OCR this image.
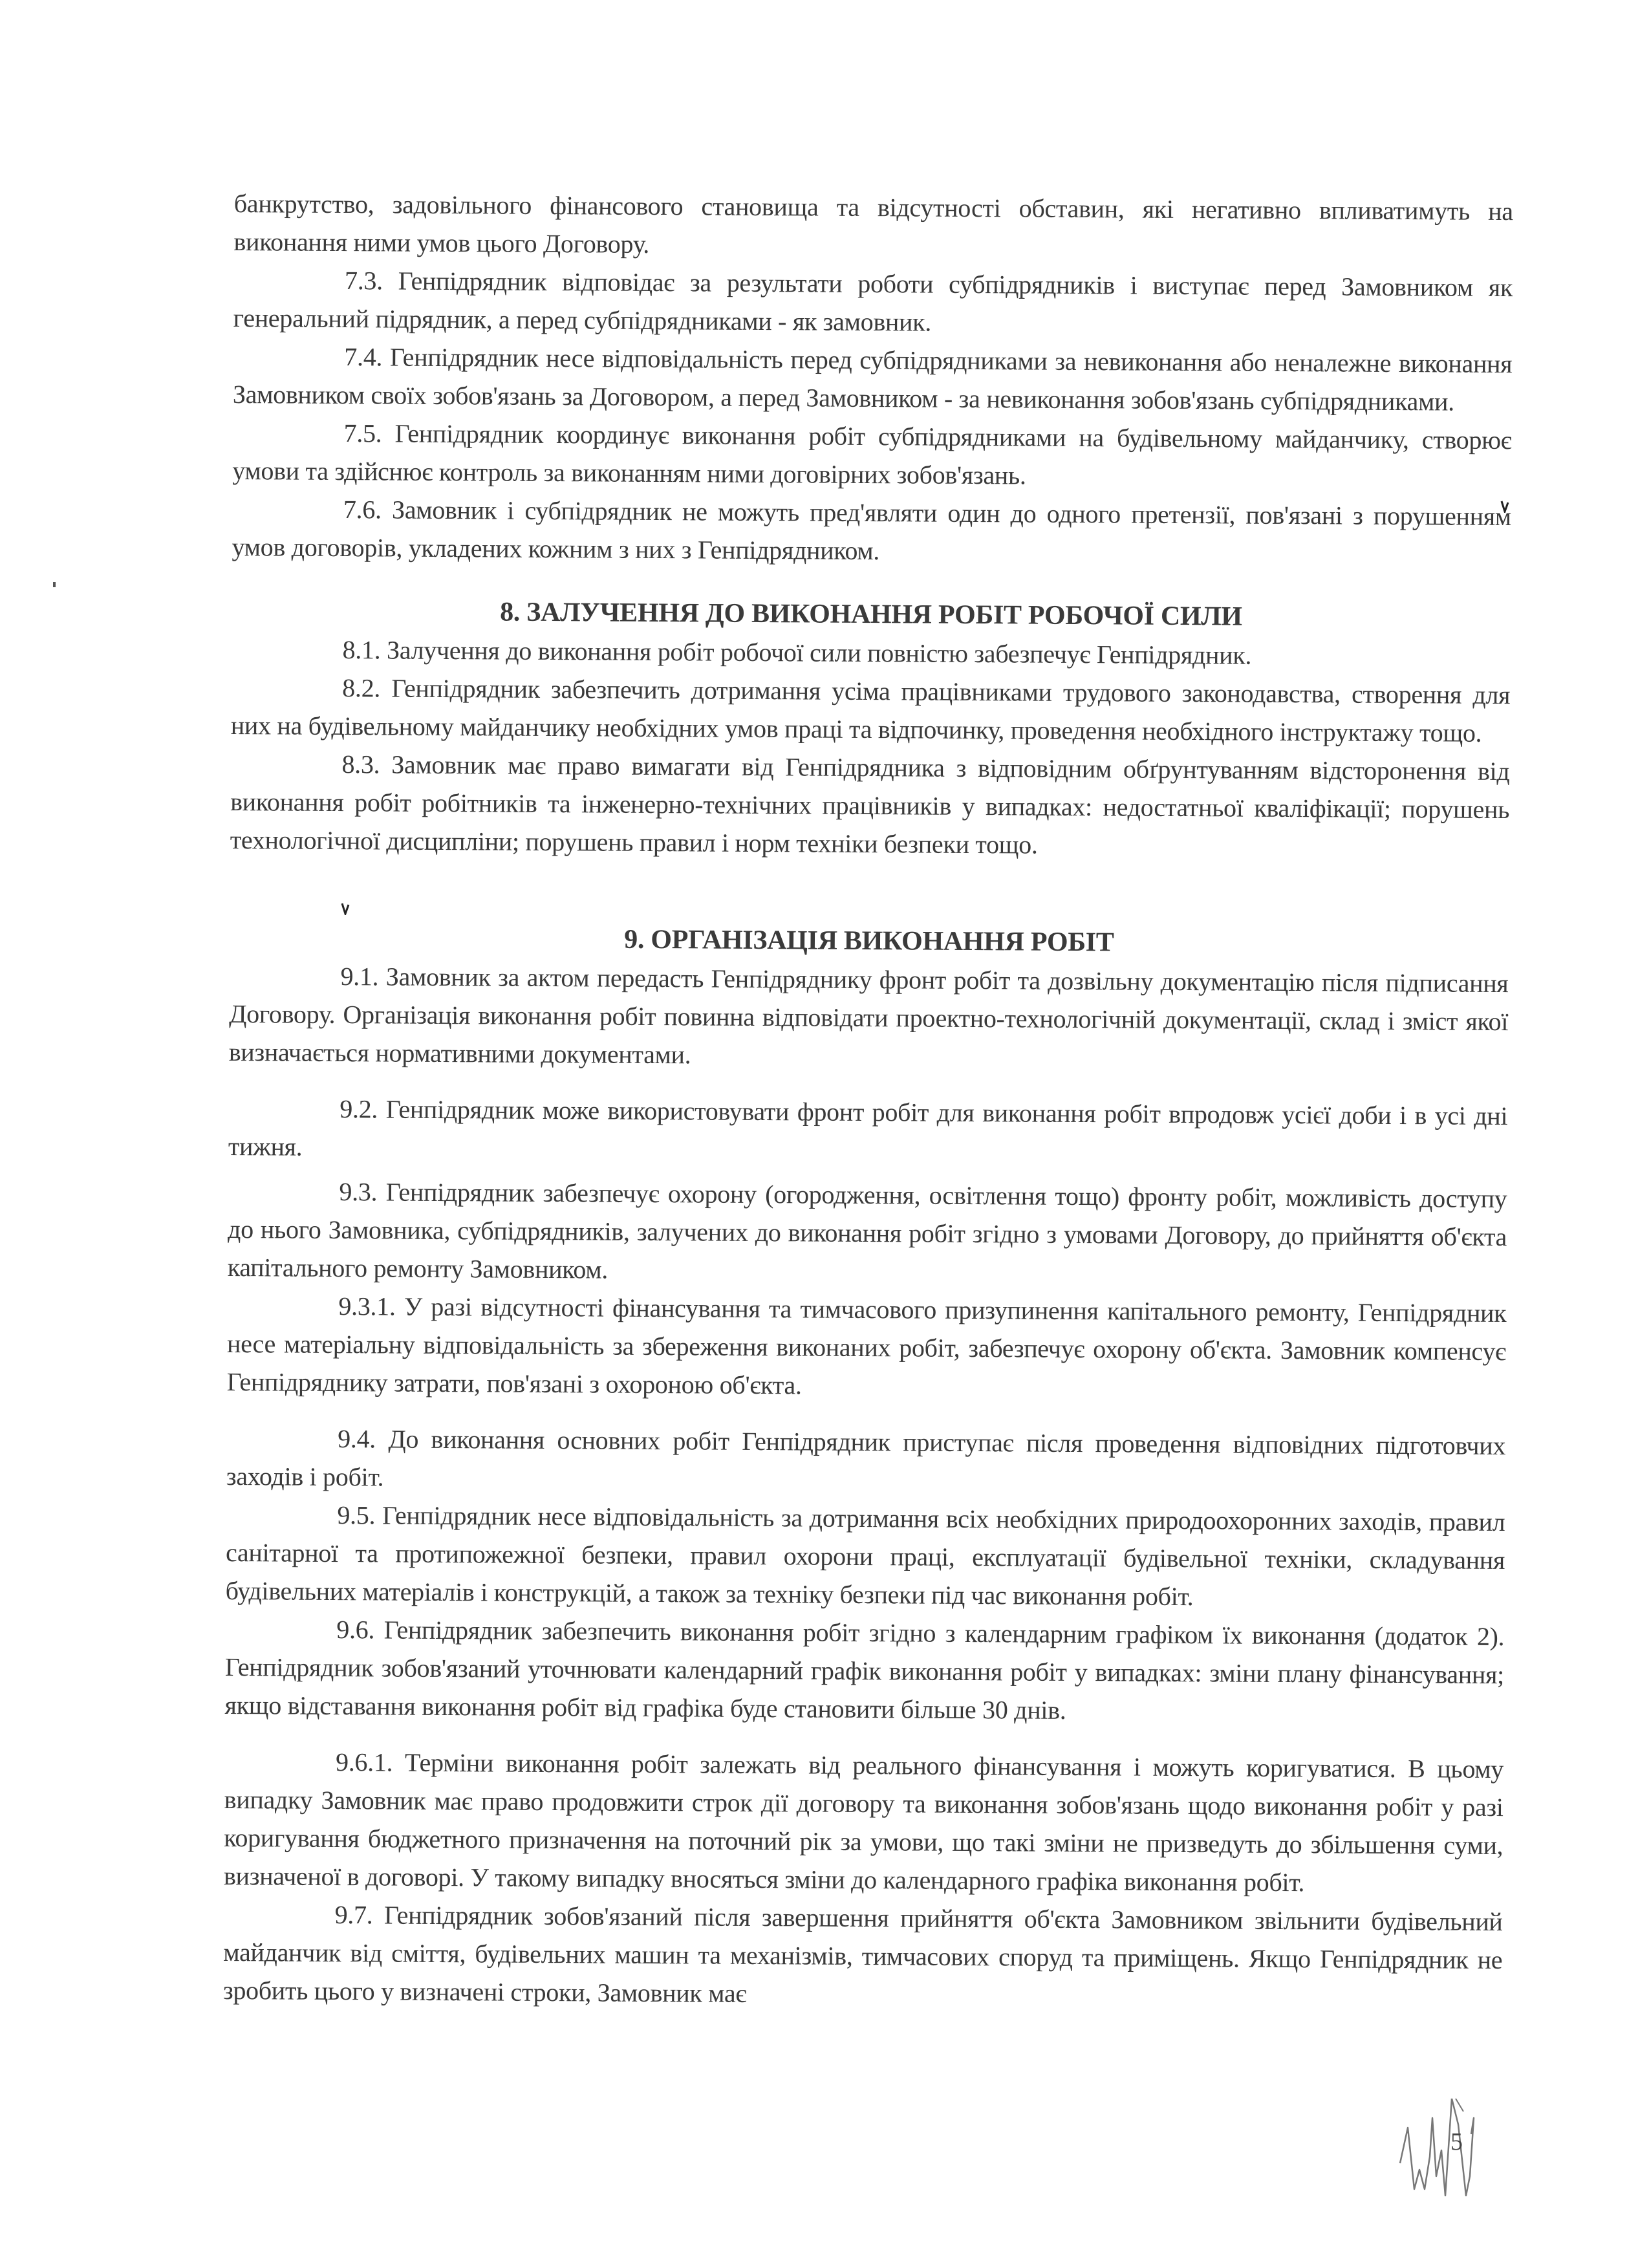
банкрутство, задовільного фінансового становища та відсутності обставин, які негативно впливатимуть на виконання ними умов цього Договору.

7.3. Генпідрядник відповідає за результати роботи субпідрядників і виступає перед Замовником як генеральний підрядник, а перед субпідрядниками - як замовник.

7.4. Генпідрядник несе відповідальність перед субпідрядниками за невиконання або неналежне виконання Замовником своїх зобов'язань за Договором, а перед Замовником - за невиконання зобов'язань субпідрядниками.

7.5. Генпідрядник координує виконання робіт субпідрядниками на будівельному майданчику, створює умови та здійснює контроль за виконанням ними договірних зобов'язань.

7.6. Замовник і субпідрядник не можуть пред'являти один до одного претензії, пов'язані з порушенням умов договорів, укладених кожним з них з Генпідрядником.

8. ЗАЛУЧЕННЯ ДО ВИКОНАННЯ РОБІТ РОБОЧОЇ СИЛИ

8.1. Залучення до виконання робіт робочої сили повністю забезпечує Генпідрядник.

8.2. Генпідрядник забезпечить дотримання усіма працівниками трудового законодавства, створення для них на будівельному майданчику необхідних умов праці та відпочинку, проведення необхідного інструктажу тощо.

8.3. Замовник має право вимагати від Генпідрядника з відповідним обґрунтуванням відсторонення від виконання робіт робітників та інженерно-технічних працівників у випадках: недостатньої кваліфікації; порушень технологічної дисципліни; порушень правил і норм техніки безпеки тощо.

9. ОРГАНІЗАЦІЯ ВИКОНАННЯ РОБІТ

9.1. Замовник за актом передасть Генпідряднику фронт робіт та дозвільну документацію після підписання Договору. Організація виконання робіт повинна відповідати проектно-технологічній документації, склад і зміст якої визначається нормативними документами.

9.2. Генпідрядник може використовувати фронт робіт для виконання робіт впродовж усієї доби і в усі дні тижня.

9.3. Генпідрядник забезпечує охорону (огородження, освітлення тощо) фронту робіт, можливість доступу до нього Замовника, субпідрядників, залучених до виконання робіт згідно з умовами Договору, до прийняття об'єкта капітального ремонту Замовником.

9.3.1. У разі відсутності фінансування та тимчасового призупинення капітального ремонту, Генпідрядник несе матеріальну відповідальність за збереження виконаних робіт, забезпечує охорону об'єкта. Замовник компенсує Генпідряднику затрати, пов'язані з охороною об'єкта.

9.4. До виконання основних робіт Генпідрядник приступає після проведення відповідних підготовчих заходів і робіт.

9.5. Генпідрядник несе відповідальність за дотримання всіх необхідних природоохоронних заходів, правил санітарної та протипожежної безпеки, правил охорони праці, експлуатації будівельної техніки, складування будівельних матеріалів і конструкцій, а також за техніку безпеки під час виконання робіт.

9.6. Генпідрядник забезпечить виконання робіт згідно з календарним графіком їх виконання (додаток 2). Генпідрядник зобов'язаний уточнювати календарний графік виконання робіт у випадках: зміни плану фінансування; якщо відставання виконання робіт від графіка буде становити більше 30 днів.

9.6.1. Терміни виконання робіт залежать від реального фінансування і можуть коригуватися. В цьому випадку Замовник має право продовжити строк дії договору та виконання зобов'язань щодо виконання робіт у разі коригування бюджетного призначення на поточний рік за умови, що такі зміни не призведуть до збільшення суми, визначеної в договорі. У такому випадку вносяться зміни до календарного графіка виконання робіт.

9.7. Генпідрядник зобов'язаний після завершення прийняття об'єкта Замовником звільнити будівельний майданчик від сміття, будівельних машин та механізмів, тимчасових споруд та приміщень. Якщо Генпідрядник не зробить цього у визначені строки, Замовник має

5
